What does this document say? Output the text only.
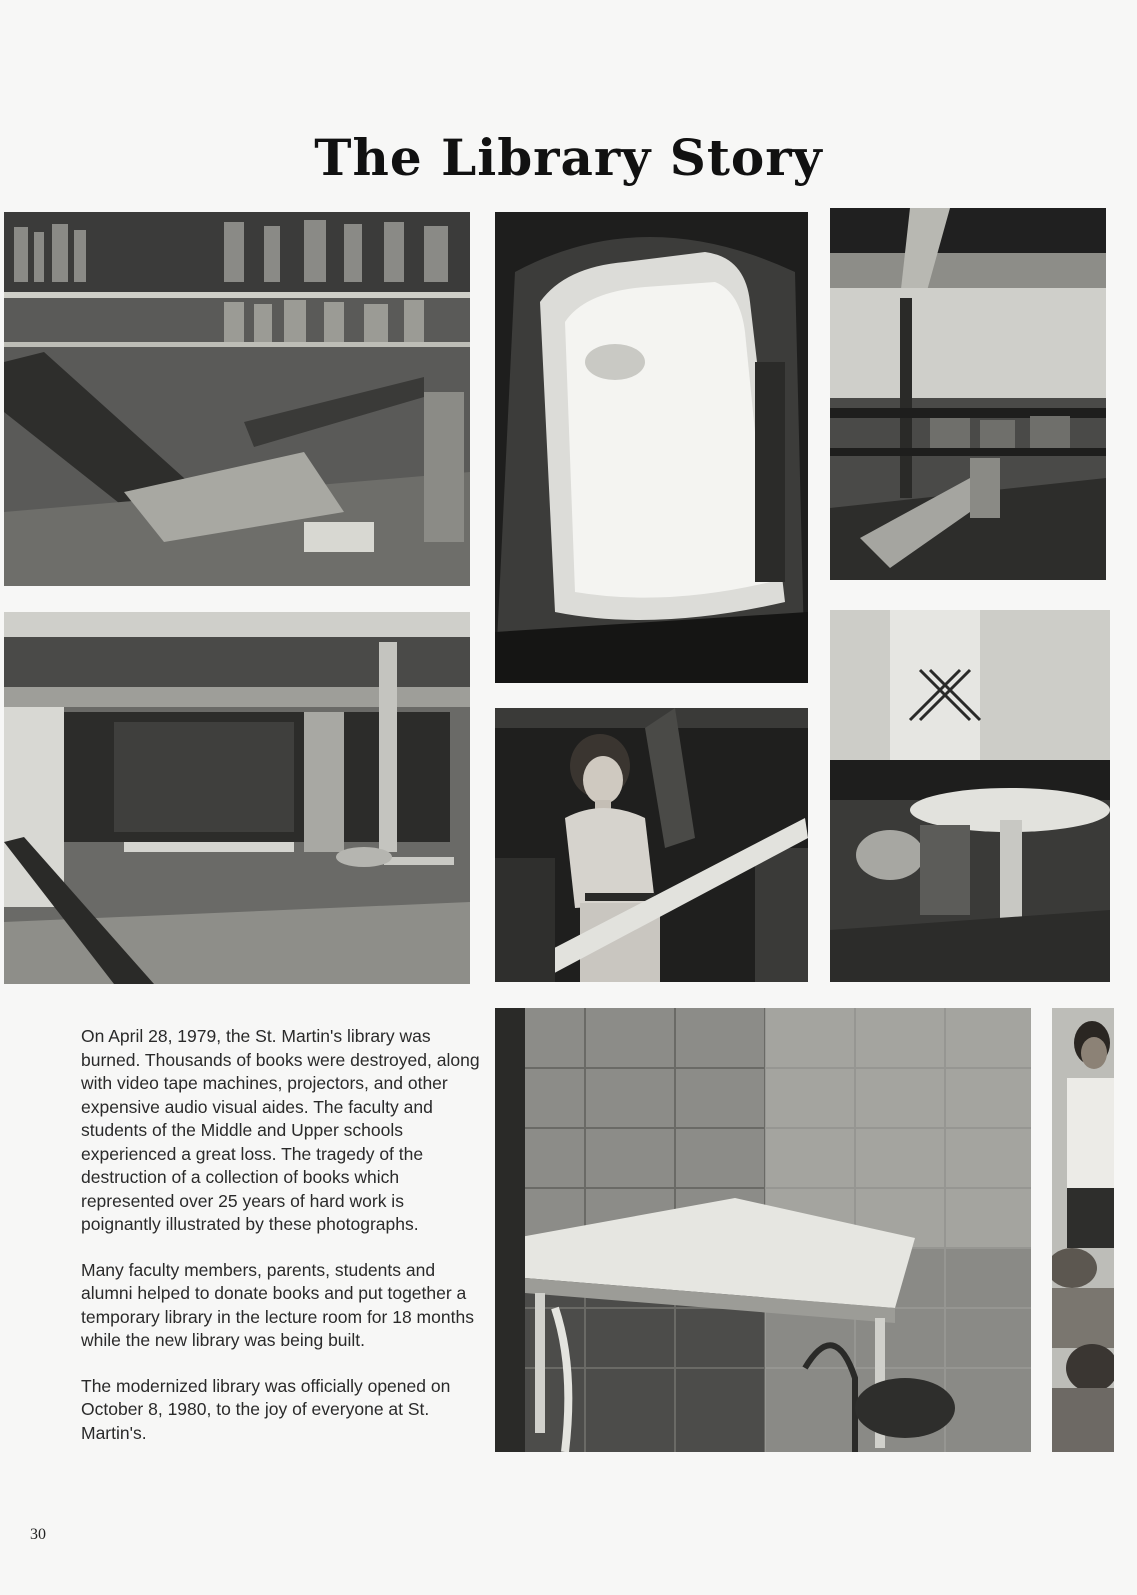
The Library Story

On April 28, 1979, the St. Martin's library was burned. Thousands of books were destroyed, along with video tape machines, projectors, and other expensive audio visual aides. The faculty and students of the Middle and Upper schools experienced a great loss. The tragedy of the destruction of a collection of books which represented over 25 years of hard work is poignantly illustrated by these photographs.

Many faculty members, parents, students and alumni helped to donate books and put together a temporary library in the lecture room for 18 months while the new library was being built.

The modernized library was officially opened on October 8, 1980, to the joy of everyone at St. Martin's.

30
